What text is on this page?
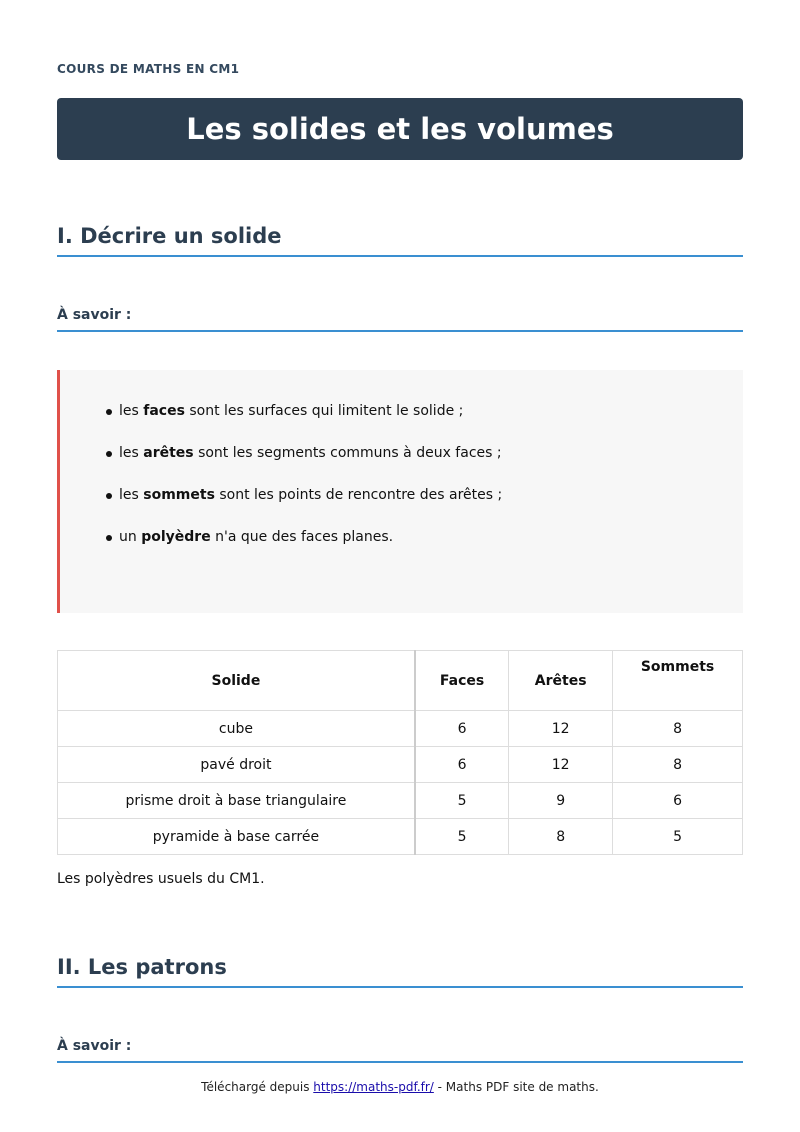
COURS DE MATHS EN CM1
Les solides et les volumes
I. Décrire un solide
À savoir :
les faces sont les surfaces qui limitent le solide ;
les arêtes sont les segments communs à deux faces ;
les sommets sont les points de rencontre des arêtes ;
un polyèdre n'a que des faces planes.
Solide	Faces	Arêtes	Sommets
cube	6	12	8
pavé droit	6	12	8
prisme droit à base triangulaire	5	9	6
pyramide à base carrée	5	8	5
Les polyèdres usuels du CM1.
II. Les patrons
À savoir :
Téléchargé depuis https://maths-pdf.fr/ - Maths PDF site de maths.
